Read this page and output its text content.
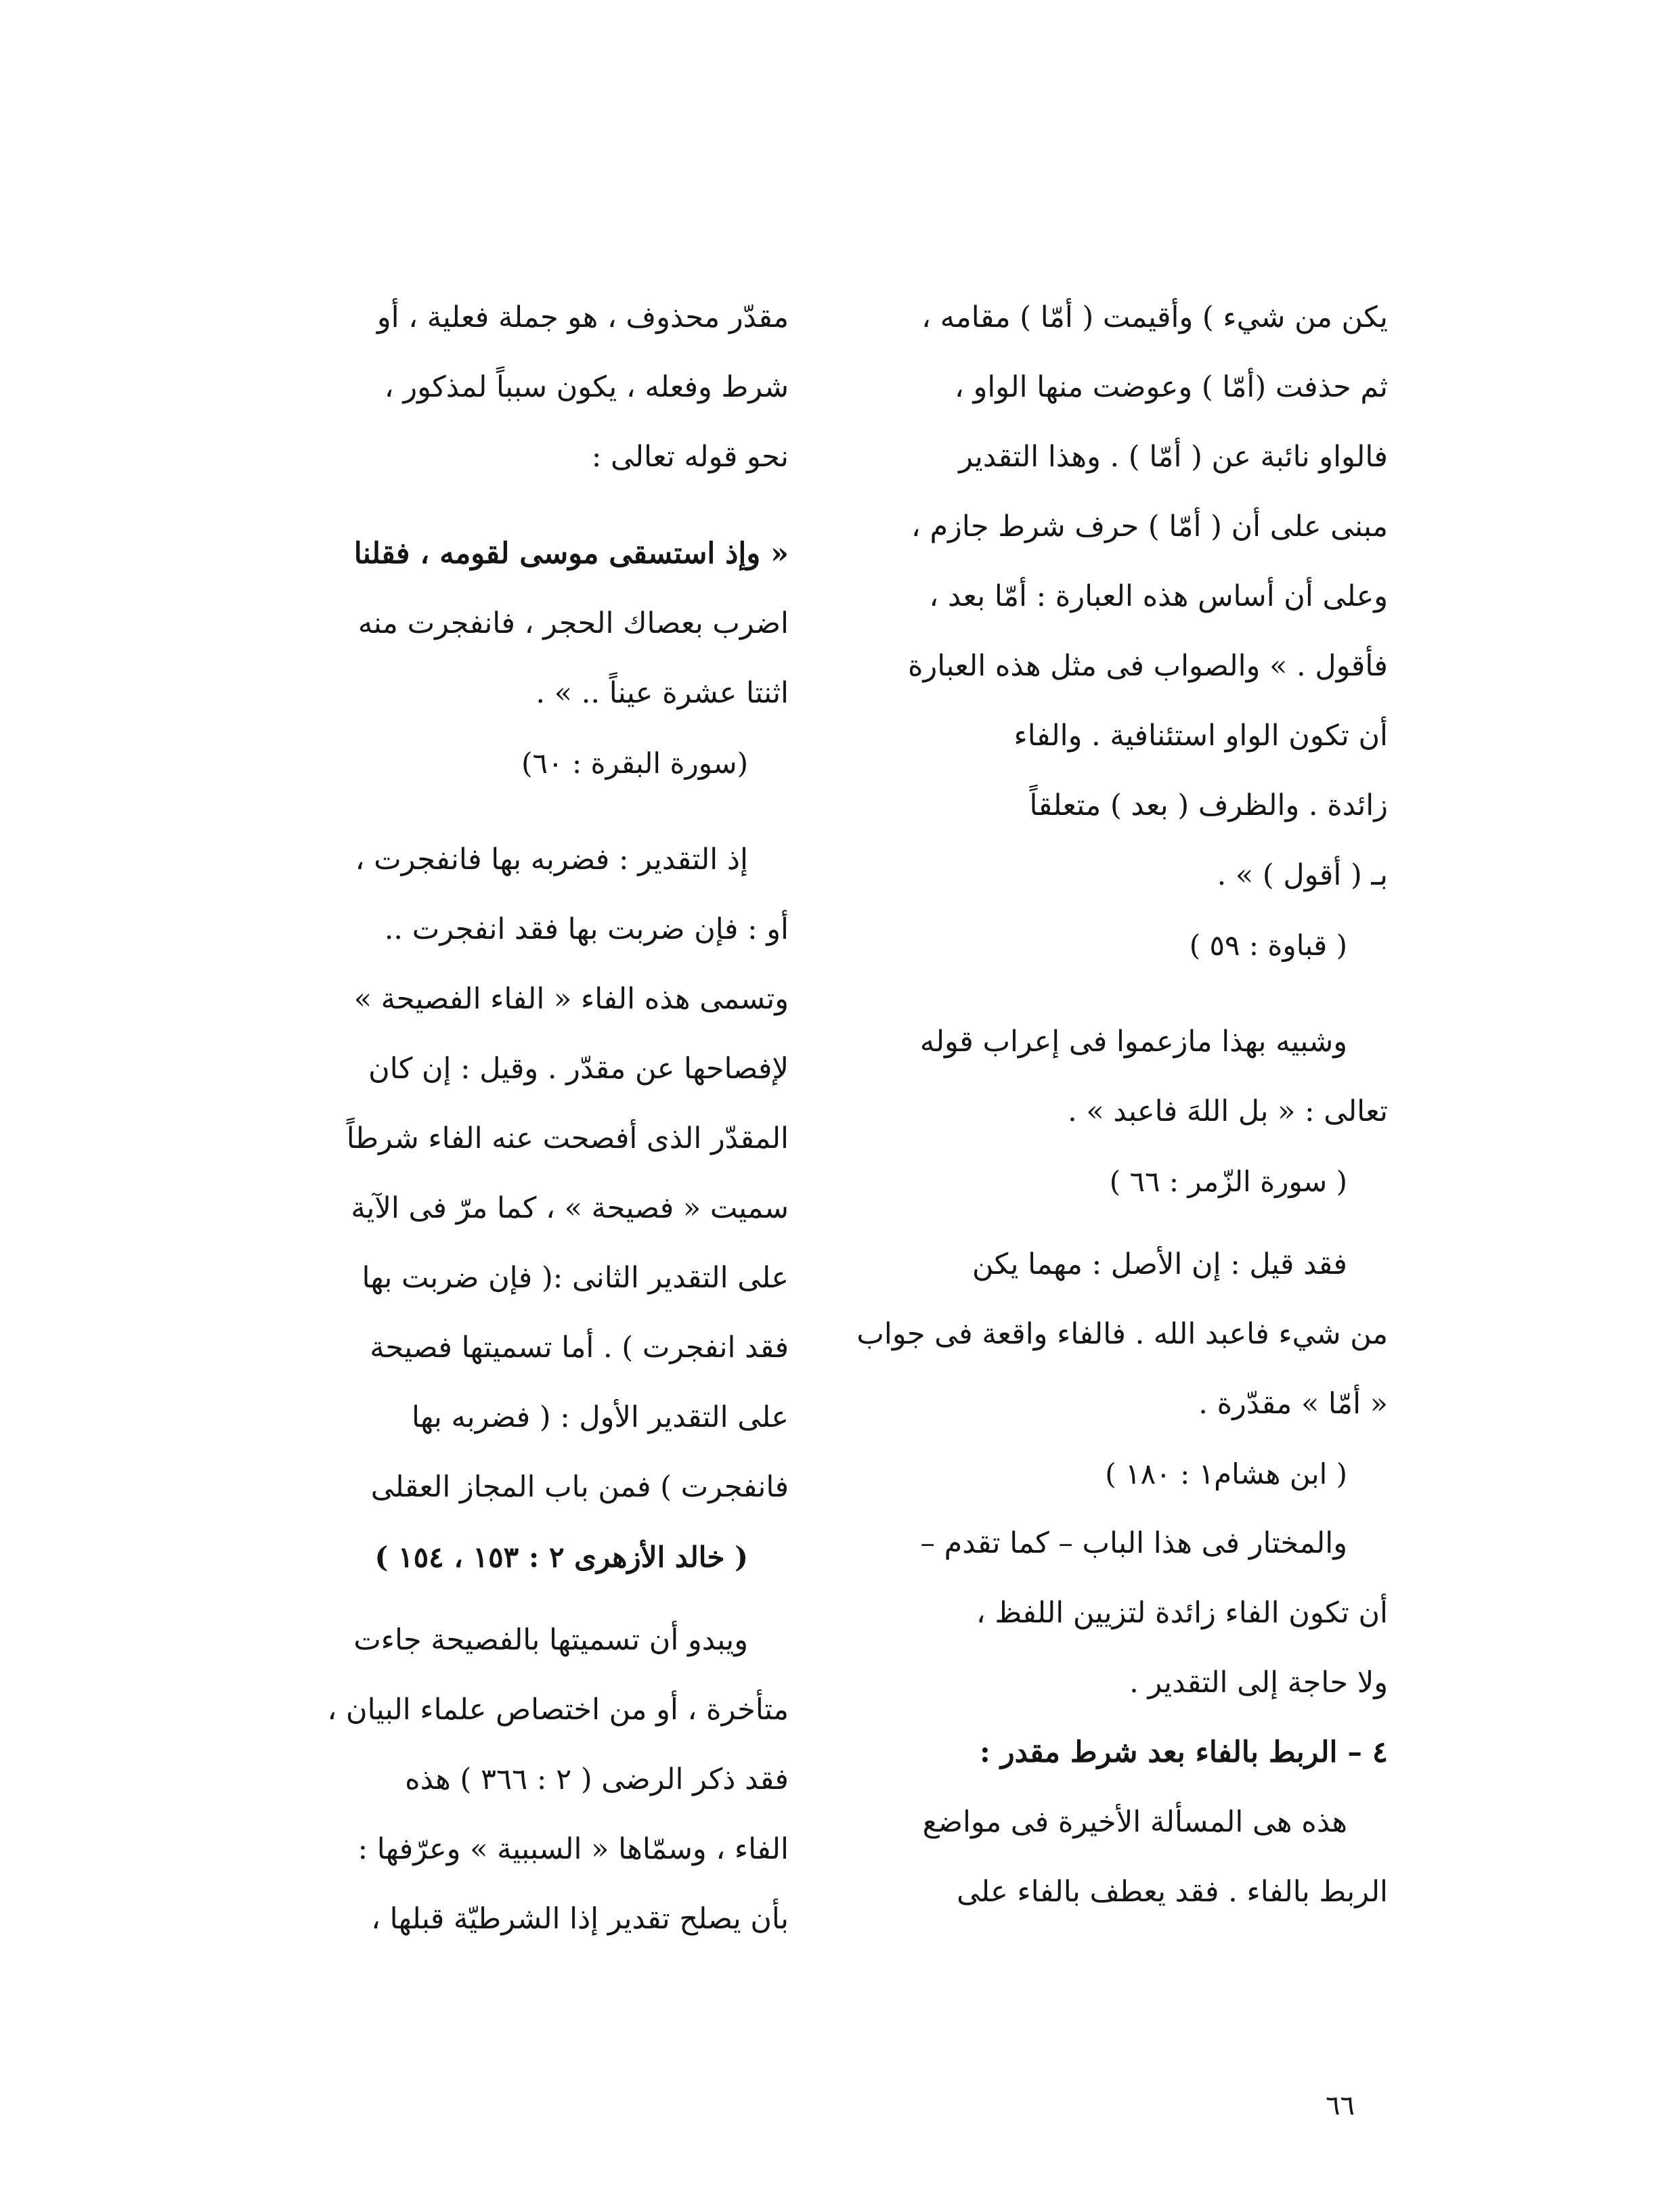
يكن من شيء ) وأقيمت ( أمّا ) مقامه ،
ثم حذفت (أمّا ) وعوضت منها الواو ،
فالواو نائبة عن ( أمّا ) . وهذا التقدير
مبنى على أن ( أمّا ) حرف شرط جازم ،
وعلى أن أساس هذه العبارة : أمّا بعد ،
فأقول . » والصواب فى مثل هذه العبارة
أن تكون الواو استئنافية . والفاء
زائدة . والظرف ( بعد ) متعلقاً
بـ ( أقول ) » .
( قباوة : ٥٩ )
وشبيه بهذا مازعموا فى إعراب قوله
تعالى : « بل اللهَ فاعبد » .
( سورة الزّمر : ٦٦ )
فقد قيل : إن الأصل : مهما يكن
من شيء فاعبد الله . فالفاء واقعة فى جواب
« أمّا » مقدّرة .
( ابن هشام١ : ١٨٠ )
والمختار فى هذا الباب – كما تقدم –
أن تكون الفاء زائدة لتزيين اللفظ ،
ولا حاجة إلى التقدير .
٤ – الربط بالفاء بعد شرط مقدر :
هذه هى المسألة الأخيرة فى مواضع
الربط بالفاء . فقد يعطف بالفاء على
مقدّر محذوف ، هو جملة فعلية ، أو
شرط وفعله ، يكون سبباً لمذكور ،
نحو قوله تعالى :
« وإذ استسقى موسى لقومه ، فقلنا
اضرب بعصاك الحجر ، فانفجرت منه
اثنتا عشرة عيناً .. » .
(سورة البقرة : ٦٠)
إذ التقدير : فضربه بها فانفجرت ،
أو : فإن ضربت بها فقد انفجرت ..
وتسمى هذه الفاء « الفاء الفصيحة »
لإفصاحها عن مقدّر . وقيل : إن كان
المقدّر الذى أفصحت عنه الفاء شرطاً
سميت « فصيحة » ، كما مرّ فى الآية
على التقدير الثانى :( فإن ضربت بها
فقد انفجرت ) . أما تسميتها فصيحة
على التقدير الأول : ( فضربه بها
فانفجرت ) فمن باب المجاز العقلى
( خالد الأزهرى ٢ : ١٥٣ ، ١٥٤ )
ويبدو أن تسميتها بالفصيحة جاءت
متأخرة ، أو من اختصاص علماء البيان ،
فقد ذكر الرضى ( ٢ : ٣٦٦ ) هذه
الفاء ، وسمّاها « السببية » وعرّفها :
بأن يصلح تقدير إذا الشرطيّة قبلها ،
٦٦
